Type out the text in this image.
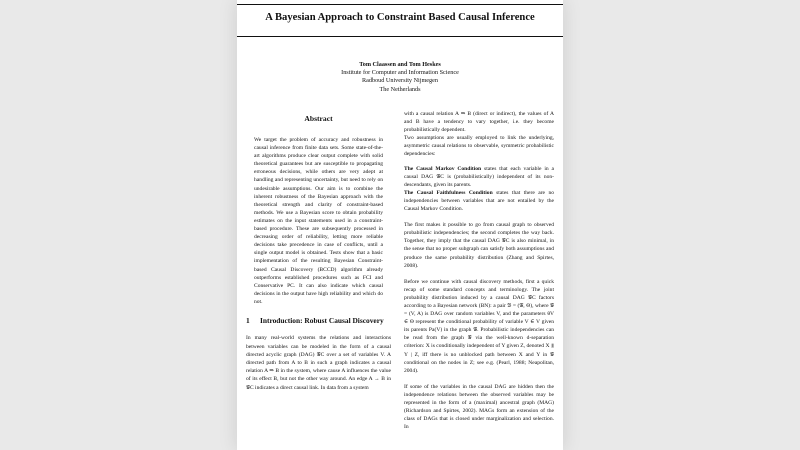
A Bayesian Approach to Constraint Based Causal Inference
Tom Claassen and Tom Heskes
Institute for Computer and Information Science
Radboud University Nijmegen
The Netherlands
Abstract
We target the problem of accuracy and robustness in causal inference from finite data sets. Some state-of-the-art algorithms produce clear output complete with solid theoretical guarantees but are susceptible to propagating erroneous decisions, while others are very adept at handling and representing uncertainty, but need to rely on undesirable assumptions. Our aim is to combine the inherent robustness of the Bayesian approach with the theoretical strength and clarity of constraint-based methods. We use a Bayesian score to obtain probability estimates on the input statements used in a constraint-based procedure. These are subsequently processed in decreasing order of reliability, letting more reliable decisions take precedence in case of conflicts, until a single output model is obtained. Tests show that a basic implementation of the resulting Bayesian Constraint-based Causal Discovery (BCCD) algorithm already outperforms established procedures such as FCI and Conservative PC. It can also indicate which causal decisions in the output have high reliability and which do not.
1	Introduction: Robust Causal Discovery
In many real-world systems the relations and interactions between variables can be modeled in the form of a causal directed acyclic graph (DAG) 𝒢C over a set of variables V. A directed path from A to B in such a graph indicates a causal relation A ⇒ B in the system, where cause A influences the value of its effect B, but not the other way around. An edge A → B in 𝒢C indicates a direct causal link. In data from a system

with a causal relation A ⇒ B (direct or indirect), the values of A and B have a tendency to vary together, i.e. they become probabilistically dependent.

Two assumptions are usually employed to link the underlying, asymmetric causal relations to observable, symmetric probabilistic dependencies:

The Causal Markov Condition states that each variable in a causal DAG 𝒢C is (probabilistically) independent of its non-descendants, given its parents.

The Causal Faithfulness Condition states that there are no independencies between variables that are not entailed by the Causal Markov Condition.

The first makes it possible to go from causal graph to observed probabilistic independencies; the second completes the way back. Together, they imply that the causal DAG 𝒢C is also minimal, in the sense that no proper subgraph can satisfy both assumptions and produce the same probability distribution (Zhang and Spirtes, 2008).

Before we continue with causal discovery methods, first a quick recap of some standard concepts and terminology. The joint probability distribution induced by a causal DAG 𝒢C factors according to a Bayesian network (BN): a pair 𝔅 = (𝒢, Θ), where 𝒢 = (V, A) is DAG over random variables V, and the parameters θV ∈ Θ represent the conditional probability of variable V ∈ V given its parents Pa(V) in the graph 𝒢. Probabilistic independencies can be read from the graph 𝒢 via the well-known d-separation criterion: X is conditionally independent of Y given Z, denoted X ⫫ Y | Z, iff there is no unblocked path between X and Y in 𝒢 conditional on the nodes in Z; see e.g. (Pearl, 1988; Neapolitan, 2004).

If some of the variables in the causal DAG are hidden then the independence relations between the observed variables may be represented in the form of a (maximal) ancestral graph (MAG) (Richardson and Spirtes, 2002). MAGs form an extension of the class of DAGs that is closed under marginalization and selection. In
